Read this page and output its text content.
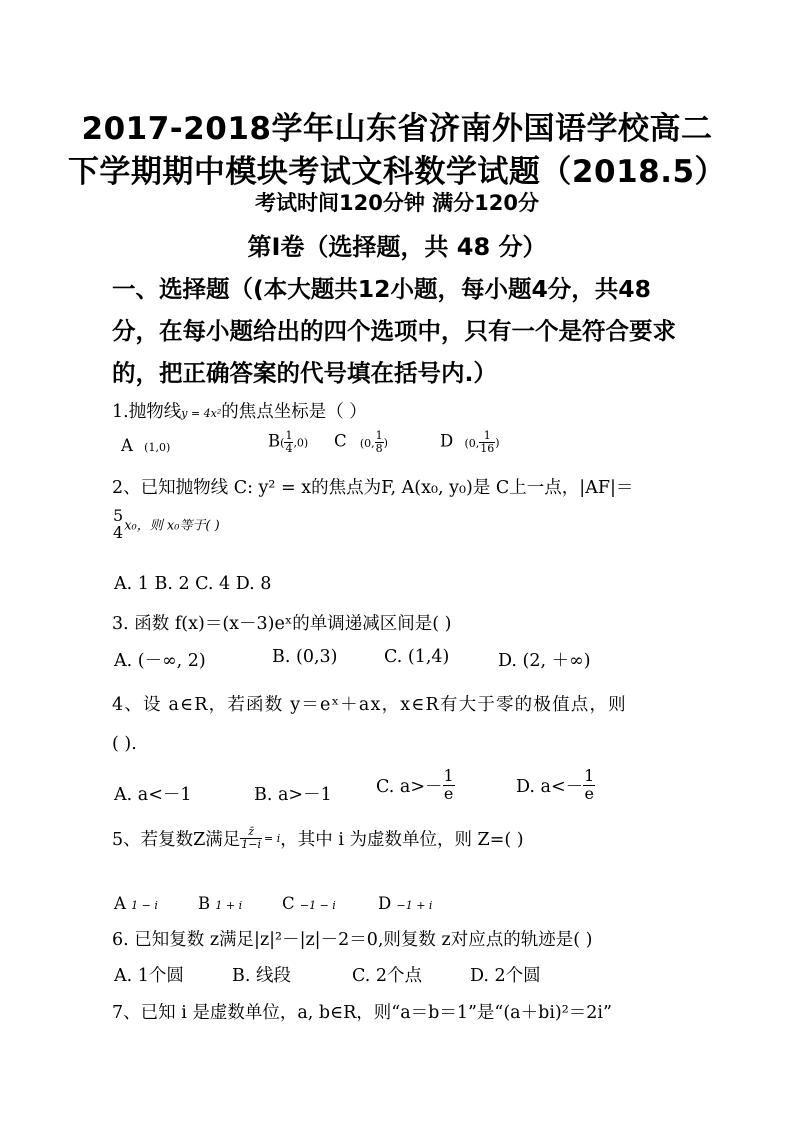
2017-2018学年山东省济南外国语学校高二
下学期期中模块考试文科数学试题（2018.5）
考试时间120分钟 满分120分
第Ⅰ卷（选择题，共 48 分）
一、选择题（(本大题共12小题，每小题4分，共48
分，在每小题给出的四个选项中，只有一个是符合要求
的，把正确答案的代号填在括号内.）
1.抛物线y = 4x²的焦点坐标是（ ）
A (1,0)	$B( \frac{1}{4} ,0)$ C (0, $\frac{1}{8}$ )	D (0, $\frac{1}{16}$ )
2、已知抛物线 C: y² = x的焦点为F, A(x₀, y₀)是 C上一点，|AF|＝
5
4 x₀，则 x₀等于( )
A. 1 B. 2 C. 4 D. 8
3. 函数 f(x)＝(x－3)eˣ的单调递减区间是( )
A. (－∞, 2)	B. (0,3)	C. (1,4)	D. (2, ＋∞)
4、设 a∈R，若函数 y＝eˣ＋ax，x∈R有大于零的极值点，则
( ).
A. a<－1	B. a>－1	C. $a>- \frac{1}{e}$	D. $a<- \frac{1}{e}$
5、若复数Z满足 $\frac{z̄}{1-i} = i$，其中 i 为虚数单位，则 Z=( )
A 1 − i B 1 + i C −1 − i	D −1 + i
6. 已知复数 z满足|z|²－|z|－2＝0,则复数 z对应点的轨迹是( )
A. 1个圆	B. 线段	C. 2个点	D. 2个圆
7、已知 i 是虚数单位，a, b∈R，则“a＝b＝1”是“(a＋bi)²＝2i”
